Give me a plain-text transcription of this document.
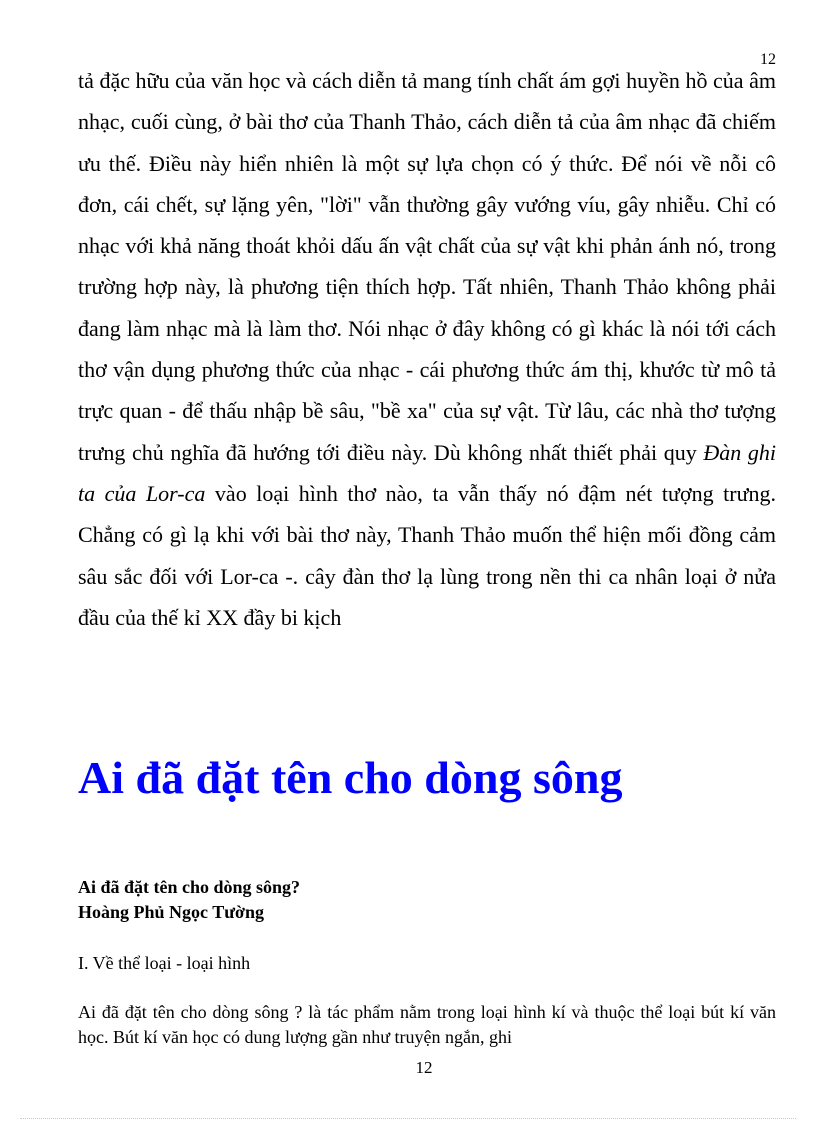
12

tả đặc hữu của văn học và cách diễn tả mang tính chất ám gợi huyền hồ của âm nhạc, cuối cùng, ở bài thơ của Thanh Thảo, cách diễn tả của âm nhạc đã chiếm ưu thế. Điều này hiển nhiên là một sự lựa chọn có ý thức. Để nói về nỗi cô đơn, cái chết, sự lặng yên, "lời" vẫn thường gây vướng víu, gây nhiễu. Chỉ có nhạc với khả năng thoát khỏi dấu ấn vật chất của sự vật khi phản ánh nó, trong trường hợp này, là phương tiện thích hợp. Tất nhiên, Thanh Thảo không phải đang làm nhạc mà là làm thơ. Nói nhạc ở đây không có gì khác là nói tới cách thơ vận dụng phương thức của nhạc - cái phương thức ám thị, khước từ mô tả trực quan - để thấu nhập bề sâu, "bề xa" của sự vật. Từ lâu, các nhà thơ tượng trưng chủ nghĩa đã hướng tới điều này. Dù không nhất thiết phải quy Đàn ghi ta của Lor-ca vào loại hình thơ nào, ta vẫn thấy nó đậm nét tượng trưng. Chẳng có gì lạ khi với bài thơ này, Thanh Thảo muốn thể hiện mối đồng cảm sâu sắc đối với Lor-ca -. cây đàn thơ lạ lùng trong nền thi ca nhân loại ở nửa đầu của thế kỉ XX đầy bi kịch

Ai đã đặt tên cho dòng sông
Ai đã đặt tên cho dòng sông?
Hoàng Phủ Ngọc Tường
I. Về thể loại - loại hình

Ai đã đặt tên cho dòng sông ? là tác phẩm nằm trong loại hình kí và thuộc thể loại bút kí văn học. Bút kí văn học có dung lượng gần như truyện ngắn, ghi

12
